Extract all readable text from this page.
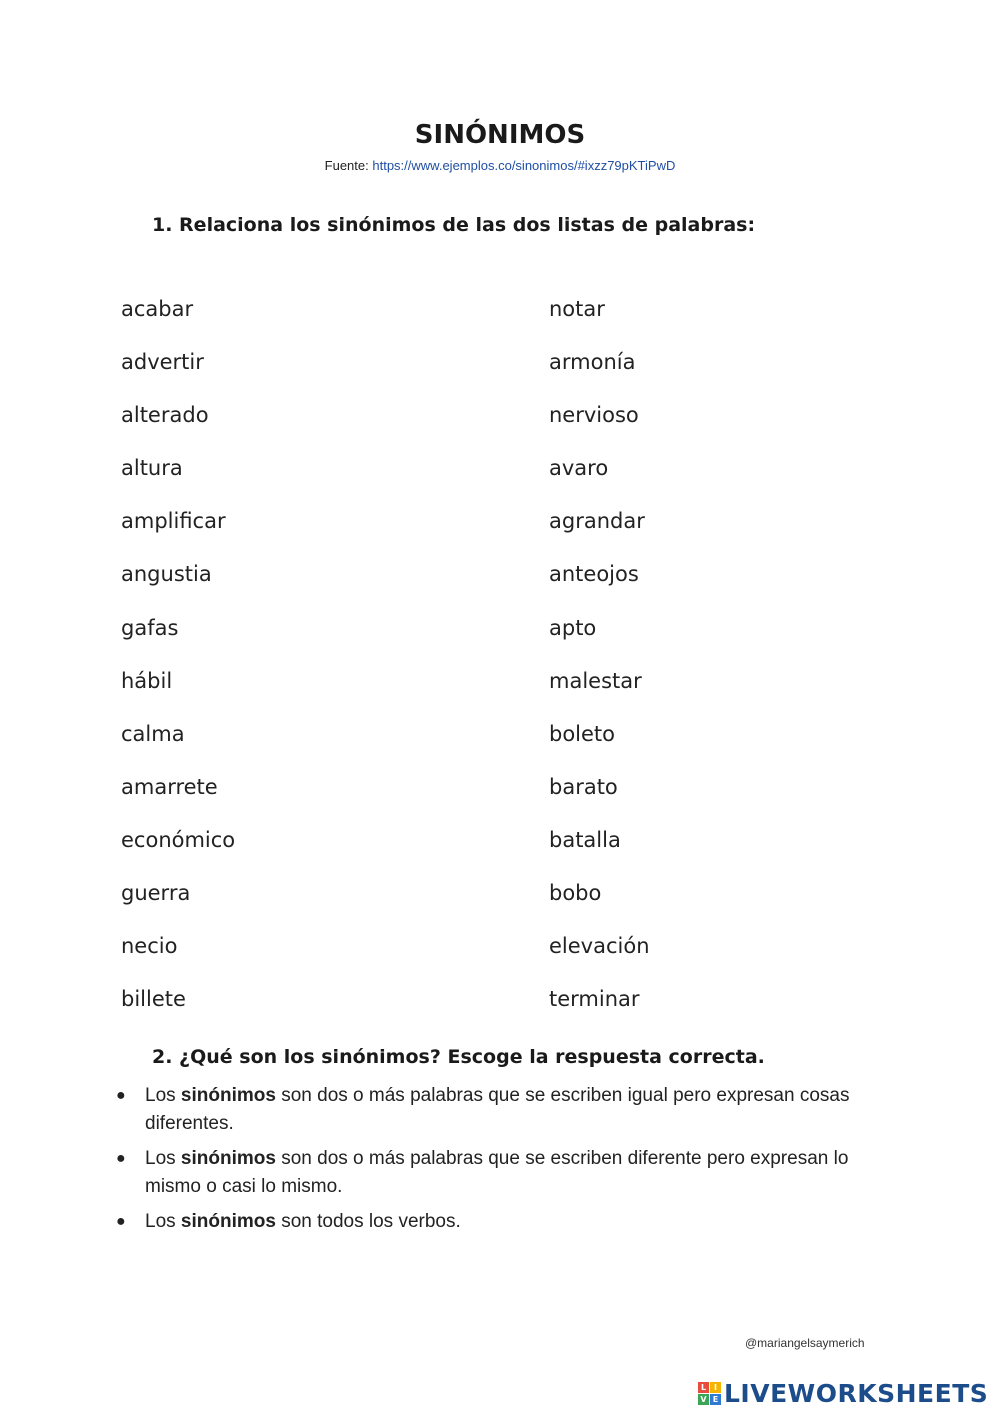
SINÓNIMOS
Fuente: https://www.ejemplos.co/sinonimos/#ixzz79pKTiPwD
1. Relaciona los sinónimos de las dos listas de palabras:
acabar
advertir
alterado
altura
amplificar
angustia
gafas
hábil
calma
amarrete
económico
guerra
necio
billete
notar
armonía
nervioso
avaro
agrandar
anteojos
apto
malestar
boleto
barato
batalla
bobo
elevación
terminar
2. ¿Qué son los sinónimos? Escoge la respuesta correcta.
● Los sinónimos son dos o más palabras que se escriben igual pero expresan cosas diferentes.
● Los sinónimos son dos o más palabras que se escriben diferente pero expresan lo mismo o casi lo mismo.
● Los sinónimos son todos los verbos.
@mariangelsaymerich
L I
V E LIVEWORKSHEETS
